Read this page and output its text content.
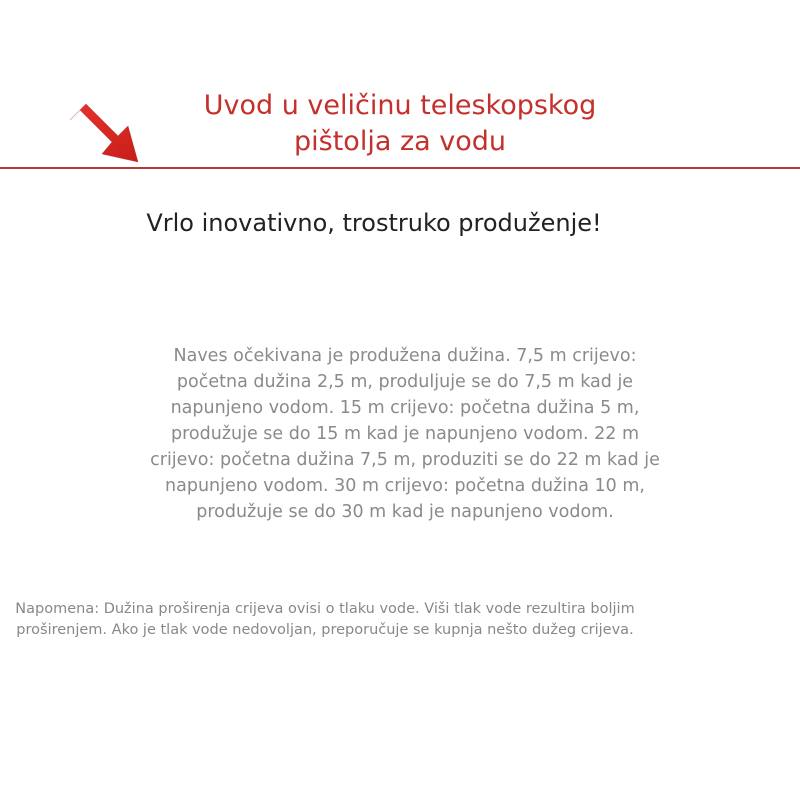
Uvod u veličinu teleskopskog
pištolja za vodu
Vrlo inovativno, trostruko produženje!

Naves očekivana je produžena dužina. 7,5 m crijevo: početna dužina 2,5 m, produljuje se do 7,5 m kad je napunjeno vodom. 15 m crijevo: početna dužina 5 m, produžuje se do 15 m kad je napunjeno vodom. 22 m crijevo: početna dužina 7,5 m, produziti se do 22 m kad je napunjeno vodom. 30 m crijevo: početna dužina 10 m, produžuje se do 30 m kad je napunjeno vodom.

Napomena: Dužina proširenja crijeva ovisi o tlaku vode. Viši tlak vode rezultira boljim proširenjem. Ako je tlak vode nedovoljan, preporučuje se kupnja nešto dužeg crijeva.
